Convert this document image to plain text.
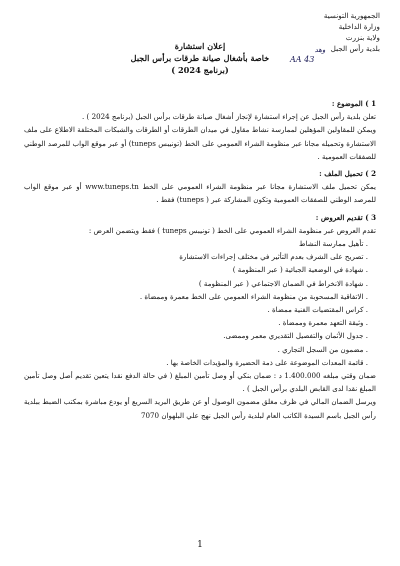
الجمهورية التونسية
وزارة الداخلية
ولاية بنزرت
بلدية رأس الجبل
وهد
AA 43
إعلان استشارة
خاصة بأشغال صيانة طرقات برأس الجبل
(برنامج 2024 )

1 ) الموضوع :

تعلن بلدية رأس الجبل عن إجراء استشارة لإنجاز أشغال صيانة طرقات برأس الجبل (برنامج 2024 ) .

ويمكن للمقاولين المؤهلين لممارسة نشاط مقاول في ميدان الطرقات أو الطرقات والشبكات المختلفة الاطلاع على ملف الاستشارة وتحميله مجانا عبر منظومة الشراء العمومي على الخط (تونيبس tuneps) أو عبر موقع الواب للمرصد الوطني للصفقات العمومية .

2 ) تحميل الملف :

يمكن تحميل ملف الاستشارة مجانا عبر منظومة الشراء العمومي على الخط www.tuneps.tn أو عبر موقع الواب للمرصد الوطني للصفقات العمومية وتكون المشاركة عبر ( tuneps) فقط .

3 ) تقديم العروض :

تقدم العروض عبر منظومة الشراء العمومي على الخط ( تونيبس tuneps ) فقط ويتضمن العرض :

. تأهيل ممارسة النشاط

. تصريح على الشرف بعدم التأثير في مختلف إجراءات الاستشارة

. شهادة في الوضعية الجبائية ( عبر المنظومة )

. شهادة الانخراط في الضمان الاجتماعي ( عبر المنظومة )

. الاتفاقية المسحوبة من منظومة الشراء العمومي على الخط معمرة وممضاة .

. كراس المقتضيات الفنية ممضاة .

. وثيقة التعهد معمرة وممضاة .

. جدول الأثمان والتفصيل التقديري معمر وممضى.

. مضمون من السجل التجاري .

. قائمة المعدات الموضوعة على ذمة الحضيرة والمؤيدات الخاصة بها .

ضمان وقتي مبلغه 1.400.000 د : ضمان بنكي أو وصل تأمين المبلغ ( في حالة الدفع نقدا يتعين تقديم أصل وصل تأمين المبلغ نقدا لدى القابض البلدي برأس الجبل ) .

ويرسل الضمان المالي في ظرف مغلق مضمون الوصول أو عن طريق البريد السريع أو يودع مباشرة بمكتب الضبط ببلدية رأس الجبل باسم السيدة الكاتب العام لبلدية رأس الجبل نهج علي البلهوان 7070

1
